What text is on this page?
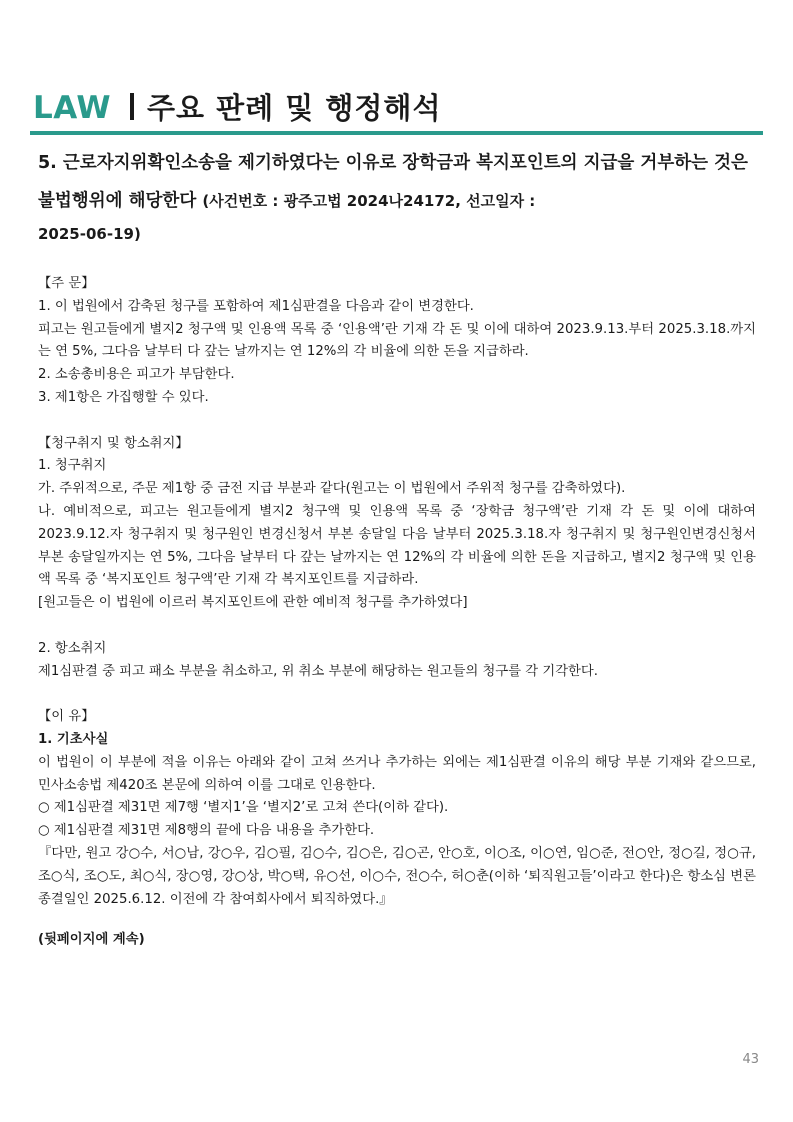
LAW 주요 판례 및 행정해석
5. 근로자지위확인소송을 제기하였다는 이유로 장학금과 복지포인트의 지급을 거부하는 것은 불법행위에 해당한다 (사건번호 : 광주고법 2024나24172, 선고일자 :
2025-06-19)

【주 문】

1. 이 법원에서 감축된 청구를 포함하여 제1심판결을 다음과 같이 변경한다.

피고는 원고들에게 별지2 청구액 및 인용액 목록 중 ‘인용액’란 기재 각 돈 및 이에 대하여 2023.9.13.부터 2025.3.18.까지는 연 5%, 그다음 날부터 다 갚는 날까지는 연 12%의 각 비율에 의한 돈을 지급하라.

2. 소송총비용은 피고가 부담한다.

3. 제1항은 가집행할 수 있다.

【청구취지 및 항소취지】

1. 청구취지

가. 주위적으로, 주문 제1항 중 금전 지급 부분과 같다(원고는 이 법원에서 주위적 청구를 감축하였다).

나. 예비적으로, 피고는 원고들에게 별지2 청구액 및 인용액 목록 중 ‘장학금 청구액’란 기재 각 돈 및 이에 대하여 2023.9.12.자 청구취지 및 청구원인 변경신청서 부본 송달일 다음 날부터 2025.3.18.자 청구취지 및 청구원인변경신청서 부본 송달일까지는 연 5%, 그다음 날부터 다 갚는 날까지는 연 12%의 각 비율에 의한 돈을 지급하고, 별지2 청구액 및 인용액 목록 중 ‘복지포인트 청구액’란 기재 각 복지포인트를 지급하라.

[원고들은 이 법원에 이르러 복지포인트에 관한 예비적 청구를 추가하였다]

2. 항소취지

제1심판결 중 피고 패소 부분을 취소하고, 위 취소 부분에 해당하는 원고들의 청구를 각 기각한다.

【이 유】

1. 기초사실

이 법원이 이 부분에 적을 이유는 아래와 같이 고쳐 쓰거나 추가하는 외에는 제1심판결 이유의 해당 부분 기재와 같으므로, 민사소송법 제420조 본문에 의하여 이를 그대로 인용한다.

○ 제1심판결 제31면 제7행 ‘별지1’을 ‘별지2’로 고쳐 쓴다(이하 같다).

○ 제1심판결 제31면 제8행의 끝에 다음 내용을 추가한다.

『다만, 원고 강○수, 서○남, 강○우, 김○필, 김○수, 김○은, 김○곤, 안○호, 이○조, 이○연, 임○준, 전○안, 정○길, 정○규, 조○식, 조○도, 최○식, 장○영, 강○상, 박○택, 유○선, 이○수, 전○수, 허○춘(이하 ‘퇴직원고들’이라고 한다)은 항소심 변론종결일인 2025.6.12. 이전에 각 참여회사에서 퇴직하였다.』

(뒷페이지에 계속)

43
